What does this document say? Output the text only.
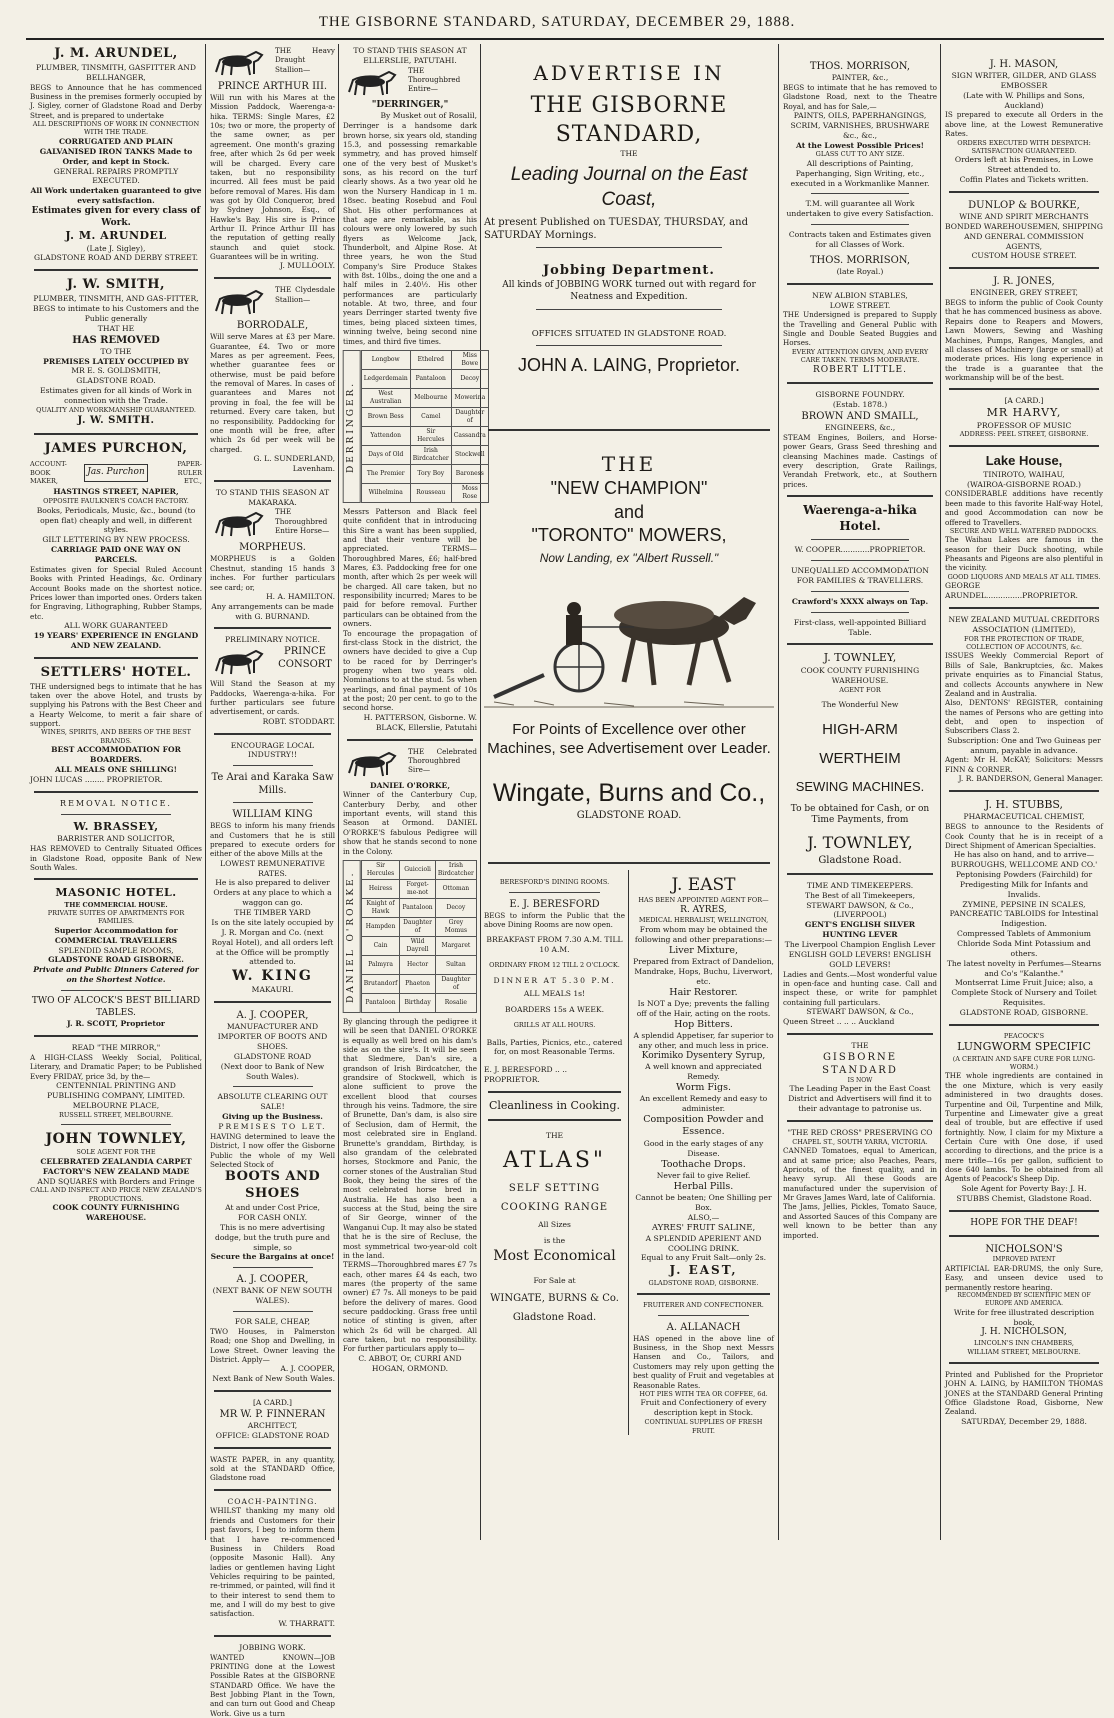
THE GISBORNE STANDARD, SATURDAY, DECEMBER 29, 1888.
J. M. ARUNDEL,
PLUMBER, TINSMITH, GASFITTER AND BELLHANGER,
BEGS to Announce that he has commenced Business in the premises formerly occupied by J. Sigley, corner of Gladstone Road and Derby Street, and is prepared to undertake
ALL DESCRIPTIONS OF WORK IN CONNECTION WITH THE TRADE.
CORRUGATED AND PLAIN GALVANISED IRON TANKS Made to Order, and kept in Stock.
GENERAL REPAIRS PROMPTLY EXECUTED.
All Work undertaken guaranteed to give every satisfaction.
Estimates given for every class of Work.
J. M. ARUNDEL
(Late J. Sigley),
GLADSTONE ROAD AND DERBY STREET.
J. W. SMITH,
PLUMBER, TINSMITH, AND GAS-FITTER,
BEGS to intimate to his Customers and the Public generally
THAT HE
HAS REMOVED
TO THE
PREMISES LATELY OCCUPIED BY
MR E. S. GOLDSMITH,
GLADSTONE ROAD.
Estimates given for all kinds of Work in connection with the Trade.
QUALITY AND WORKMANSHIP GUARANTEED.
J. W. SMITH.
JAMES PURCHON,
ACCOUNT-BOOK MAKER,
Jas. Purchon
PAPER-RULER ETC.,
HASTINGS STREET, NAPIER,
OPPOSITE FAULKNER'S COACH FACTORY.
Books, Periodicals, Music, &c., bound (to open flat) cheaply and well, in different styles.
GILT LETTERING BY NEW PROCESS.
CARRIAGE PAID ONE WAY ON PARCELS.
Estimates given for Special Ruled Account Books with Printed Headings, &c. Ordinary Account Books made on the shortest notice. Prices lower than imported ones. Orders taken for Engraving, Lithographing, Rubber Stamps, etc.
ALL WORK GUARANTEED
19 YEARS' EXPERIENCE IN ENGLAND AND NEW ZEALAND.
SETTLERS' HOTEL.
THE undersigned begs to intimate that he has taken over the above Hotel, and trusts by supplying his Patrons with the Best Cheer and a Hearty Welcome, to merit a fair share of support.
WINES, SPIRITS, AND BEERS OF THE BEST BRANDS.
BEST ACCOMMODATION FOR BOARDERS.
ALL MEALS ONE SHILLING!
JOHN LUCAS ........ PROPRIETOR.
REMOVAL NOTICE.
W. BRASSEY,
BARRISTER AND SOLICITOR,
HAS REMOVED to Centrally Situated Offices in Gladstone Road, opposite Bank of New South Wales.
MASONIC HOTEL.
THE COMMERCIAL HOUSE.
PRIVATE SUITES OF APARTMENTS FOR FAMILIES.
Superior Accommodation for COMMERCIAL TRAVELLERS
SPLENDID SAMPLE ROOMS,
GLADSTONE ROAD GISBORNE.
Private and Public Dinners Catered for on the Shortest Notice.
TWO OF ALCOCK'S BEST BILLIARD TABLES.
J. R. SCOTT, Proprietor
READ "THE MIRROR,"
A HIGH-CLASS Weekly Social, Political, Literary, and Dramatic Paper; to be Published Every FRIDAY, price 3d, by the—
CENTENNIAL PRINTING AND PUBLISHING COMPANY, LIMITED.
MELBOURNE PLACE,
RUSSELL STREET, MELBOURNE.
JOHN TOWNLEY,
SOLE AGENT FOR THE
CELEBRATED ZEALANDIA CARPET FACTORY'S NEW ZEALAND MADE
AND SQUARES with Borders and Fringe
CALL AND INSPECT AND PRICE NEW ZEALAND'S PRODUCTIONS.
COOK COUNTY FURNISHING WAREHOUSE.
THE Heavy Draught Stallion—
PRINCE ARTHUR III.
Will run with his Mares at the Mission Paddock, Waerenga-a-hika. TERMS: Single Mares, £2 10s; two or more, the property of the same owner, as per agreement. One month's grazing free, after which 2s 6d per week will be charged. Every care taken, but no responsibility incurred. All fees must be paid before removal of Mares. His dam was got by Old Conqueror, bred by Sydney Johnson, Esq., of Hawke's Bay. His sire is Prince Arthur II. Prince Arthur III has the reputation of getting really staunch and quiet stock. Guarantees will be in writing.
J. MULLOOLY.
THE Clydesdale Stallion—
BORRODALE,
Will serve Mares at £3 per Mare. Guarantee, £4. Two or more Mares as per agreement. Fees, whether guarantee fees or otherwise, must be paid before the removal of Mares. In cases of guarantees and Mares not proving in foal, the fee will be returned. Every care taken, but no responsibility. Paddocking for one month will be free, after which 2s 6d per week will be charged.
G. L. SUNDERLAND, Lavenham.
TO STAND THIS SEASON AT MAKARAKA.
THE Thoroughbred Entire Horse—
MORPHEUS.
MORPHEUS is a Golden Chestnut, standing 15 hands 3 inches. For further particulars see card; or,
H. A. HAMILTON.
Any arrangements can be made with G. BURNAND.
PRELIMINARY NOTICE.
PRINCE CONSORT
Will Stand the Season at my Paddocks, Waerenga-a-hika. For further particulars see future advertisement, or cards.
ROBT. STODDART.
ENCOURAGE LOCAL INDUSTRY!!
Te Arai and Karaka Saw Mills.
WILLIAM KING
BEGS to inform his many friends and Customers that he is still prepared to execute orders for either of the above Mills at the
LOWEST REMUNERATIVE RATES.
He is also prepared to deliver Orders at any place to which a waggon can go.
THE TIMBER YARD
Is on the site lately occupied by J. R. Morgan and Co. (next Royal Hotel), and all orders left at the Office will be promptly attended to.
W. KING
MAKAURI.
A. J. COOPER,
MANUFACTURER AND IMPORTER OF BOOTS AND SHOES.
GLADSTONE ROAD
(Next door to Bank of New South Wales).
ABSOLUTE CLEARING OUT SALE!
Giving up the Business.
PREMISES TO LET.
HAVING determined to leave the District, I now offer the Gisborne Public the whole of my Well Selected Stock of
BOOTS AND SHOES
At and under Cost Price,
FOR CASH ONLY.
This is no mere advertising dodge, but the truth pure and simple, so
Secure the Bargains at once!
A. J. COOPER,
(NEXT BANK OF NEW SOUTH WALES).
FOR SALE, CHEAP,
TWO Houses, in Palmerston Road; one Shop and Dwelling, in Lowe Street. Owner leaving the District. Apply—
A. J. COOPER,
Next Bank of New South Wales.
[A CARD.]
MR W. P. FINNERAN
ARCHITECT,
OFFICE: GLADSTONE ROAD
WASTE PAPER, in any quantity, sold at the STANDARD Office, Gladstone road
COACH-PAINTING.
WHILST thanking my many old friends and Customers for their past favors, I beg to inform them that I have re-commenced Business in Childers Road (opposite Masonic Hall). Any ladies or gentlemen having Light Vehicles requiring to be painted, re-trimmed, or painted, will find it to their interest to send them to me, and I will do my best to give satisfaction.
W. THARRATT.
JOBBING WORK.
WANTED KNOWN—JOB PRINTING done at the Lowest Possible Rates at the GISBORNE STANDARD Office. We have the Best Jobbing Plant in the Town, and can turn out Good and Cheap Work. Give us a turn
TO STAND THIS SEASON AT ELLERSLIE, PATUTAHI.
THE Thoroughbred Entire—
"DERRINGER,"
By Musket out of Rosalil,
Derringer is a handsome dark brown horse, six years old, standing 15.3, and possessing remarkable symmetry, and has proved himself one of the very best of Musket's sons, as his record on the turf clearly shows. As a two year old he won the Nursery Handicap in 1 m. 18sec. beating Rosebud and Foul Shot. His other performances at that age are remarkable, as his colours were only lowered by such flyers as Welcome Jack, Thunderbolt, and Alpine Rose. At three years, he won the Stud Company's Sire Produce Stakes with 8st. 10lbs., doing the one and a half miles in 2.40½. His other performances are particularly notable. At two, three, and four years Derringer started twenty five times, being placed sixteen times, winning twelve, being second nine times, and third five times.
DERRINGER.
Longbow	Ethelred	Miss Bowe
Ledgerdemain	Pantaloon	Decoy
West Australian	Melbourne	Mowerina
Brown Bess	Camel	Daughter of
Yattendon	Sir Hercules	Cassandra
Days of Old	Irish Birdcatcher	Stockwell
The Premier	Tory Boy	Baroness
Wilhelmina	Rousseau	Moss Rose
Messrs Patterson and Black feel quite confident that in introducing this Sire a want has been supplied, and that their venture will be appreciated. TERMS—Thoroughbred Mares, £6; half-bred Mares, £3. Paddocking free for one month, after which 2s per week will be charged. All care taken, but no responsibility incurred; Mares to be paid for before removal. Further particulars can be obtained from the owners.
To encourage the propagation of first-class Stock in the district, the owners have decided to give a Cup to be raced for by Derringer's progeny when two years old. Nominations to at the stud. 5s when yearlings, and final payment of 10s at the post; 20 per cent. to go to the second horse.
H. PATTERSON, Gisborne. W. BLACK, Ellerslie, Patutahi
THE Celebrated Thoroughbred Sire—
DANIEL O'RORKE,
Winner of the Canterbury Cup, Canterbury Derby, and other important events, will stand this Season at Ormond. DANIEL O'RORKE'S fabulous Pedigree will show that he stands second to none in the Colony.
DANIEL O'RORKE.
Sir Hercules	Guiccioli	Irish Birdcatcher
Heiress	Forget-me-not	Ottoman
Knight of Hawk	Pantaloon	Decoy
Hampden	Daughter of	Grey Momus
Cain	Wild Dayrell	Margaret
Palmyra	Hector	Sultan
Brutandorf	Phaeton	Daughter of
Pantaloon	Birthday	Rosalie
By glancing through the pedigree it will be seen that DANIEL O'RORKE is equally as well bred on his dam's side as on the sire's. It will be seen that Sledmere, Dan's sire, a grandson of Irish Birdcatcher, the grandsire of Stockwell, which is alone sufficient to prove the excellent blood that courses through his veins. Tadmore, the sire of Brunette, Dan's dam, is also sire of Seclusion, dam of Hermit, the most celebrated sire in England. Brunette's granddam, Birthday, is also grandam of the celebrated horses, Stockmore and Panic, the corner stones of the Australian Stud Book, they being the sires of the most celebrated horse bred in Australia. He has also been a success at the Stud, being the sire of Sir George, winner of the Wanganui Cup. It may also be stated that he is the sire of Recluse, the most symmetrical two-year-old colt in the land.
TERMS—Thoroughbred mares £7 7s each, other mares £4 4s each, two mares (the property of the same owner) £7 7s. All moneys to be paid before the delivery of mares. Good secure paddocking. Grass free until notice of stinting is given, after which 2s 6d will be charged. All care taken, but no responsibility. For further particulars apply to—
C. ABBOT, Or, CURRI AND HOGAN, ORMOND.
ADVERTISE IN
THE GISBORNE STANDARD,
THE
Leading Journal on the East Coast,
At present Published on TUESDAY, THURSDAY, and SATURDAY Mornings.
Jobbing Department.
All kinds of JOBBING WORK turned out with regard for Neatness and Expedition.
OFFICES SITUATED IN GLADSTONE ROAD.
JOHN A. LAING, Proprietor.
THE
"NEW CHAMPION"
and
"TORONTO" MOWERS,
Now Landing, ex "Albert Russell."
For Points of Excellence over other Machines, see Advertisement over Leader.
Wingate, Burns and Co.,
GLADSTONE ROAD.
BERESFORD'S DINING ROOMS.
E. J. BERESFORD
BEGS to inform the Public that the above Dining Rooms are now open.
BREAKFAST FROM 7.30 A.M. TILL 10 A.M.
ORDINARY FROM 12 TILL 2 O'CLOCK.
DINNER AT 5.30 P.M.
ALL MEALS 1s!
BOARDERS 15s A WEEK.
GRILLS AT ALL HOURS.
Balls, Parties, Picnics, etc., catered for, on most Reasonable Terms.
E. J. BERESFORD .. .. PROPRIETOR.
Cleanliness in Cooking.
THE
ATLAS"
SELF SETTING
COOKING RANGE
All Sizes
is the
Most Economical
For Sale at
WINGATE, BURNS & Co.
Gladstone Road.
J. EAST
HAS BEEN APPOINTED AGENT FOR—
R. AYRES,
MEDICAL HERBALIST, WELLINGTON,
From whom may be obtained the following and other preparations:—
Liver Mixture,
Prepared from Extract of Dandelion, Mandrake, Hops, Buchu, Liverwort, etc.
Hair Restorer.
Is NOT a Dye; prevents the falling off of the Hair, acting on the roots.
Hop Bitters.
A splendid Appetiser, far superior to any other, and much less in price.
Korimiko Dysentery Syrup,
A well known and appreciated Remedy.
Worm Figs.
An excellent Remedy and easy to administer.
Composition Powder and Essence.
Good in the early stages of any Disease.
Toothache Drops.
Never fail to give Relief.
Herbal Pills.
Cannot be beaten; One Shilling per Box.
ALSO,—
AYRES' FRUIT SALINE,
A SPLENDID APERIENT AND COOLING DRINK.
Equal to any Fruit Salt—only 2s.
J. EAST,
GLADSTONE ROAD, GISBORNE.
FRUITERER AND CONFECTIONER.
A. ALLANACH
HAS opened in the above line of Business, in the Shop next Messrs Hansen and Co., Tailors, and Customers may rely upon getting the best quality of Fruit and vegetables at Reasonable Rates.
HOT PIES WITH TEA OR COFFEE, 6d.
Fruit and Confectionery of every description kept in Stock.
CONTINUAL SUPPLIES OF FRESH FRUIT.
THOS. MORRISON,
PAINTER, &c.,
BEGS to intimate that he has removed to Gladstone Road, next to the Theatre Royal, and has for Sale,—
PAINTS, OILS, PAPERHANGINGS, SCRIM, VARNISHES, BRUSHWARE &c., &c.,
At the Lowest Possible Prices!
GLASS CUT TO ANY SIZE.
All descriptions of Painting, Paperhanging, Sign Writing, etc., executed in a Workmanlike Manner.
T.M. will guarantee all Work undertaken to give every Satisfaction.
Contracts taken and Estimates given for all Classes of Work.
THOS. MORRISON,
(late Royal.)
NEW ALBION STABLES,
LOWE STREET.
THE Undersigned is prepared to Supply the Travelling and General Public with Single and Double Seated Buggies and Horses.
EVERY ATTENTION GIVEN, AND EVERY CARE TAKEN. TERMS MODERATE.
ROBERT LITTLE.
GISBORNE FOUNDRY.
(Estab. 1878.)
BROWN AND SMAILL,
ENGINEERS, &c.,
STEAM Engines, Boilers, and Horse-power Gears, Grass Seed threshing and cleansing Machines made. Castings of every description, Grate Railings, Verandah Fretwork, etc., at Southern prices.
Waerenga-a-hika Hotel.
W. COOPER............PROPRIETOR.
UNEQUALLED ACCOMMODATION FOR FAMILIES & TRAVELLERS.
Crawford's XXXX always on Tap.
First-class, well-appointed Billiard Table.
J. TOWNLEY,
COOK COUNTY FURNISHING WAREHOUSE.
AGENT FOR
The Wonderful New
HIGH-ARM
WERTHEIM
SEWING MACHINES.
To be obtained for Cash, or on Time Payments, from
J. TOWNLEY,
Gladstone Road.
TIME AND TIMEKEEPERS.
The Best of all Timekeepers,
STEWART DAWSON, & Co., (LIVERPOOL)
GENT'S ENGLISH SILVER HUNTING LEVER
The Liverpool Champion English Lever
ENGLISH GOLD LEVERS! ENGLISH GOLD LEVERS!
Ladies and Gents.—Most wonderful value in open-face and hunting case. Call and inspect these, or write for pamphlet containing full particulars.
STEWART DAWSON, & Co.,
Queen Street .. .. .. Auckland
THE
GISBORNE STANDARD
IS NOW
The Leading Paper in the East Coast District and Advertisers will find it to their advantage to patronise us.
"THE RED CROSS" PRESERVING CO
CHAPEL ST., SOUTH YARRA, VICTORIA.
CANNED Tomatoes, equal to American, and at same price; also Peaches, Pears, Apricots, of the finest quality, and in heavy syrup. All these Goods are manufactured under the supervision of Mr Graves James Ward, late of California.
The Jams, Jellies, Pickles, Tomato Sauce, and Assorted Sauces of this Company are well known to be better than any imported.
J. H. MASON,
SIGN WRITER, GILDER, AND GLASS EMBOSSER
(Late with W. Phillips and Sons, Auckland)
IS prepared to execute all Orders in the above line, at the Lowest Remunerative Rates.
ORDERS EXECUTED WITH DESPATCH: SATISFACTION GUARANTEED.
Orders left at his Premises, in Lowe Street attended to.
Coffin Plates and Tickets written.
DUNLOP & BOURKE,
WINE AND SPIRIT MERCHANTS BONDED WAREHOUSEMEN, SHIPPING AND GENERAL COMMISSION AGENTS,
CUSTOM HOUSE STREET.
J. R. JONES,
ENGINEER, GREY STREET,
BEGS to inform the public of Cook County that he has commenced business as above.
Repairs done to Reapers and Mowers, Lawn Mowers, Sewing and Washing Machines, Pumps, Ranges, Mangles, and all classes of Machinery (large or small) at moderate prices. His long experience in the trade is a guarantee that the workmanship will be of the best.
[A CARD.]
MR HARVY,
PROFESSOR OF MUSIC
ADDRESS: PEEL STREET, GISBORNE.
Lake House,
TINIROTO, WAIHAU,
(WAIROA-GISBORNE ROAD.)
CONSIDERABLE additions have recently been made to this favorite Half-way Hotel, and good Accommodation can now be offered to Travellers.
SECURE AND WELL WATERED PADDOCKS.
The Waihau Lakes are famous in the season for their Duck shooting, while Pheasants and Pigeons are also plentiful in the vicinity.
GOOD LIQUORS AND MEALS AT ALL TIMES.
GEORGE ARUNDEL...............PROPRIETOR.
NEW ZEALAND MUTUAL CREDITORS ASSOCIATION (LIMITED),
FOR THE PROTECTION OF TRADE, COLLECTION OF ACCOUNTS, &c.
ISSUES Weekly Commercial Report of Bills of Sale, Bankruptcies, &c. Makes private enquiries as to Financial Status, and collects Accounts anywhere in New Zealand and in Australia.
Also, DENTONS' REGISTER, containing the names of Persons who are getting into debt, and open to inspection of Subscribers Class 2.
Subscription: One and Two Guineas per annum, payable in advance.
Agent: Mr H. McKAY; Solicitors: Messrs FINN & CORNER.
J. R. BANDERSON, General Manager.
J. H. STUBBS,
PHARMACEUTICAL CHEMIST,
BEGS to announce to the Residents of Cook County that he is in receipt of a Direct Shipment of American Specialties.
He has also on hand, and to arrive—
BURROUGHS, WELLCOME AND CO.'
Peptonising Powders (Fairchild) for Predigesting Milk for Infants and Invalids.
ZYMINE, PEPSINE IN SCALES, PANCREATIC TABLOIDS for Intestinal Indigestion.
Compressed Tablets of Ammonium Chloride Soda Mint Potassium and others.
The latest novelty in Perfumes—Stearns and Co's "Kalanthe."
Montserrat Lime Fruit Juice; also, a Complete Stock of Nursery and Toilet Requisites.
GLADSTONE ROAD, GISBORNE.
PEACOCK'S
LUNGWORM SPECIFIC
(A CERTAIN AND SAFE CURE FOR LUNG-WORM.)
THE whole ingredients are contained in the one Mixture, which is very easily administered in two draughts doses. Turpentine and Oil, Turpentine and Milk, Turpentine and Limewater give a great deal of trouble, but are effective if used fortnightly. Now, I claim for my Mixture a Certain Cure with One dose, if used according to directions, and the price is a mere trifle—16s per gallon, sufficient to dose 640 lambs. To be obtained from all Agents of Peacock's Sheep Dip.
Sole Agent for Poverty Bay: J. H. STUBBS Chemist, Gladstone Road.
HOPE FOR THE DEAF!
NICHOLSON'S
IMPROVED PATENT
ARTIFICIAL EAR-DRUMS, the only Sure, Easy, and unseen device used to permanently restore hearing.
RECOMMENDED BY SCIENTIFIC MEN OF EUROPE AND AMERICA.
Write for free illustrated description book,
J. H. NICHOLSON,
LINCOLN'S INN CHAMBERS,
WILLIAM STREET, MELBOURNE.
Printed and Published for the Proprietor JOHN A. LAING, by HAMILTON THOMAS JONES at the STANDARD General Printing Office Gladstone Road, Gisborne, New Zealand.
SATURDAY, December 29, 1888.
